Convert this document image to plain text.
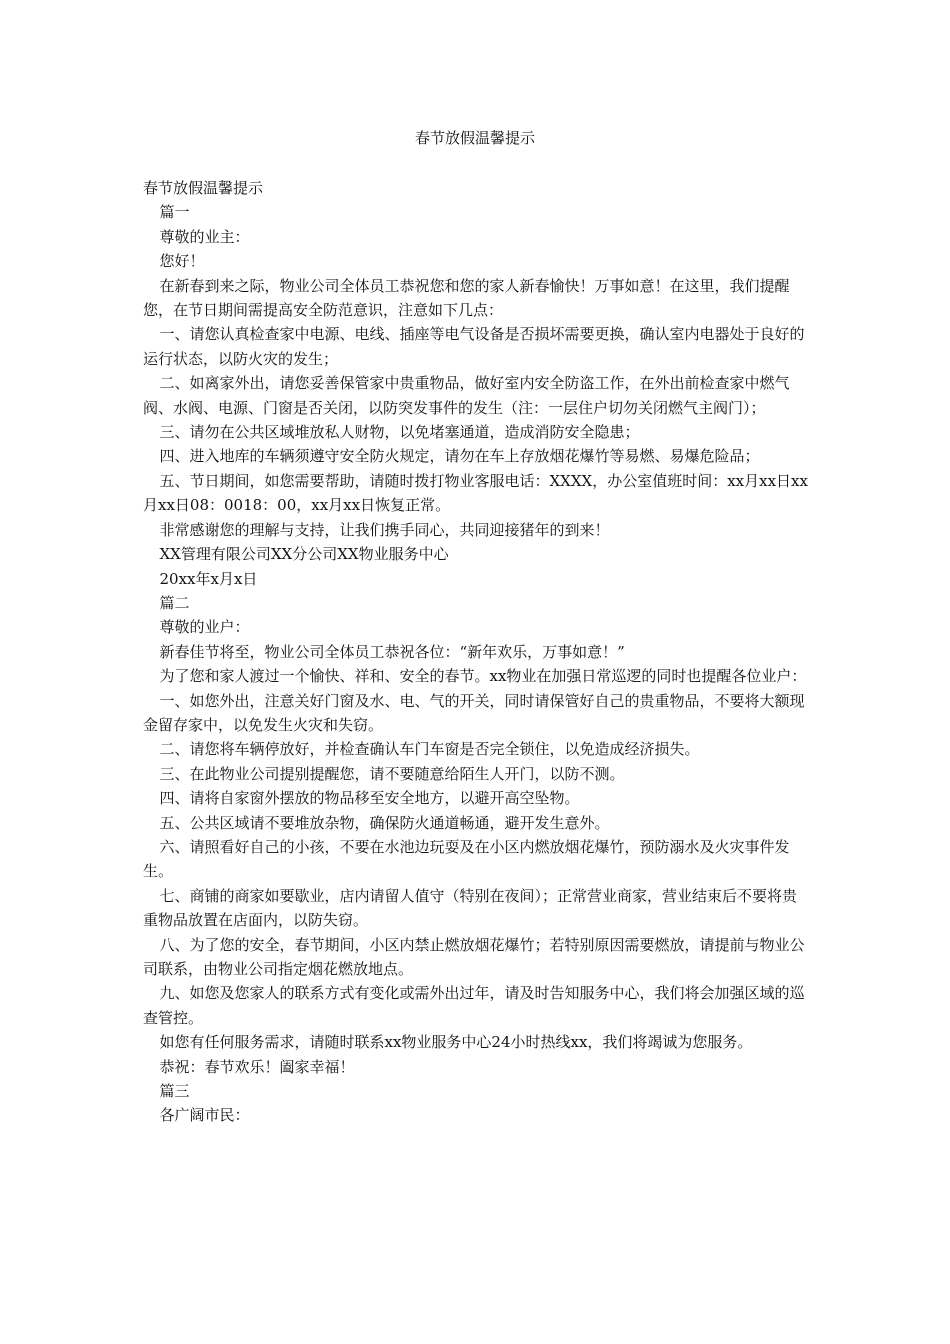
春节放假温馨提示

春节放假温馨提示

篇一

尊敬的业主：

您好！

在新春到来之际，物业公司全体员工恭祝您和您的家人新春愉快！万事如意！在这里，我们提醒您，在节日期间需提高安全防范意识，注意如下几点：

一、请您认真检查家中电源、电线、插座等电气设备是否损坏需要更换，确认室内电器处于良好的运行状态，以防火灾的发生；

二、如离家外出，请您妥善保管家中贵重物品，做好室内安全防盗工作，在外出前检查家中燃气阀、水阀、电源、门窗是否关闭，以防突发事件的发生（注：一层住户切勿关闭燃气主阀门）；

三、请勿在公共区域堆放私人财物，以免堵塞通道，造成消防安全隐患；

四、进入地库的车辆须遵守安全防火规定，请勿在车上存放烟花爆竹等易燃、易爆危险品；

五、节日期间，如您需要帮助，请随时拨打物业客服电话：XXXX，办公室值班时间：xx月xx日xx月xx日08：0018：00，xx月xx日恢复正常。

非常感谢您的理解与支持，让我们携手同心，共同迎接猪年的到来！

XX管理有限公司XX分公司XX物业服务中心

20xx年x月x日

篇二

尊敬的业户：

新春佳节将至，物业公司全体员工恭祝各位：“新年欢乐，万事如意！”

为了您和家人渡过一个愉快、祥和、安全的春节。xx物业在加强日常巡逻的同时也提醒各位业户：

一、如您外出，注意关好门窗及水、电、气的开关，同时请保管好自己的贵重物品，不要将大额现金留存家中，以免发生火灾和失窃。

二、请您将车辆停放好，并检查确认车门车窗是否完全锁住，以免造成经济损失。

三、在此物业公司提别提醒您，请不要随意给陌生人开门，以防不测。

四、请将自家窗外摆放的物品移至安全地方，以避开高空坠物。

五、公共区域请不要堆放杂物，确保防火通道畅通，避开发生意外。

六、请照看好自己的小孩，不要在水池边玩耍及在小区内燃放烟花爆竹，预防溺水及火灾事件发生。

七、商铺的商家如要歇业，店内请留人值守（特别在夜间）；正常营业商家，营业结束后不要将贵重物品放置在店面内，以防失窃。

八、为了您的安全，春节期间，小区内禁止燃放烟花爆竹；若特别原因需要燃放，请提前与物业公司联系，由物业公司指定烟花燃放地点。

九、如您及您家人的联系方式有变化或需外出过年，请及时告知服务中心，我们将会加强区域的巡查管控。

如您有任何服务需求，请随时联系xx物业服务中心24小时热线xx，我们将竭诚为您服务。

恭祝：春节欢乐！阖家幸福！

篇三

各广阔市民：
